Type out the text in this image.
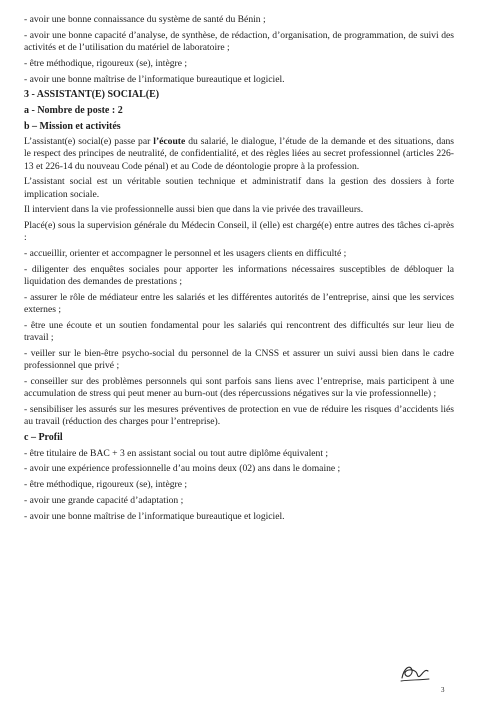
- avoir une bonne connaissance du système de santé du Bénin ;

- avoir une bonne capacité d’analyse, de synthèse, de rédaction, d’organisation, de programmation, de suivi des activités et de l’utilisation du matériel de laboratoire ;

- être méthodique, rigoureux (se), intègre ;

- avoir une bonne maîtrise de l’informatique bureautique et logiciel.

3 - ASSISTANT(E) SOCIAL(E)

a - Nombre de poste : 2

b – Mission et activités

L’assistant(e) social(e) passe par l’écoute du salarié, le dialogue, l’étude de la demande et des situations, dans le respect des principes de neutralité, de confidentialité, et des règles liées au secret professionnel (articles 226-13 et 226-14 du nouveau Code pénal) et au Code de déontologie propre à la profession.

L’assistant social est un véritable soutien technique et administratif dans la gestion des dossiers à forte implication sociale.

Il intervient dans la vie professionnelle aussi bien que dans la vie privée des travailleurs.

Placé(e) sous la supervision générale du Médecin Conseil, il (elle) est chargé(e) entre autres des tâches ci-après :

- accueillir, orienter et accompagner le personnel et les usagers clients en difficulté ;

- diligenter des enquêtes sociales pour apporter les informations nécessaires susceptibles de débloquer la liquidation des demandes de prestations ;

- assurer le rôle de médiateur entre les salariés et les différentes autorités de l’entreprise, ainsi que les services externes ;

- être une écoute et un soutien fondamental pour les salariés qui rencontrent des difficultés sur leur lieu de travail ;

- veiller sur le bien-être psycho-social du personnel de la CNSS et assurer un suivi aussi bien dans le cadre professionnel que privé ;

- conseiller sur des problèmes personnels qui sont parfois sans liens avec l’entreprise, mais participent à une accumulation de stress qui peut mener au burn-out (des répercussions négatives sur la vie professionnelle) ;

- sensibiliser les assurés sur les mesures préventives de protection en vue de réduire les risques d’accidents liés au travail (réduction des charges pour l’entreprise).

c – Profil

- être titulaire de BAC + 3 en assistant social ou tout autre diplôme équivalent ;

- avoir une expérience professionnelle d’au moins deux (02) ans dans le domaine ;

- être méthodique, rigoureux (se), intègre ;

- avoir une grande capacité d’adaptation ;

- avoir une bonne maîtrise de l’informatique bureautique et logiciel.

3
